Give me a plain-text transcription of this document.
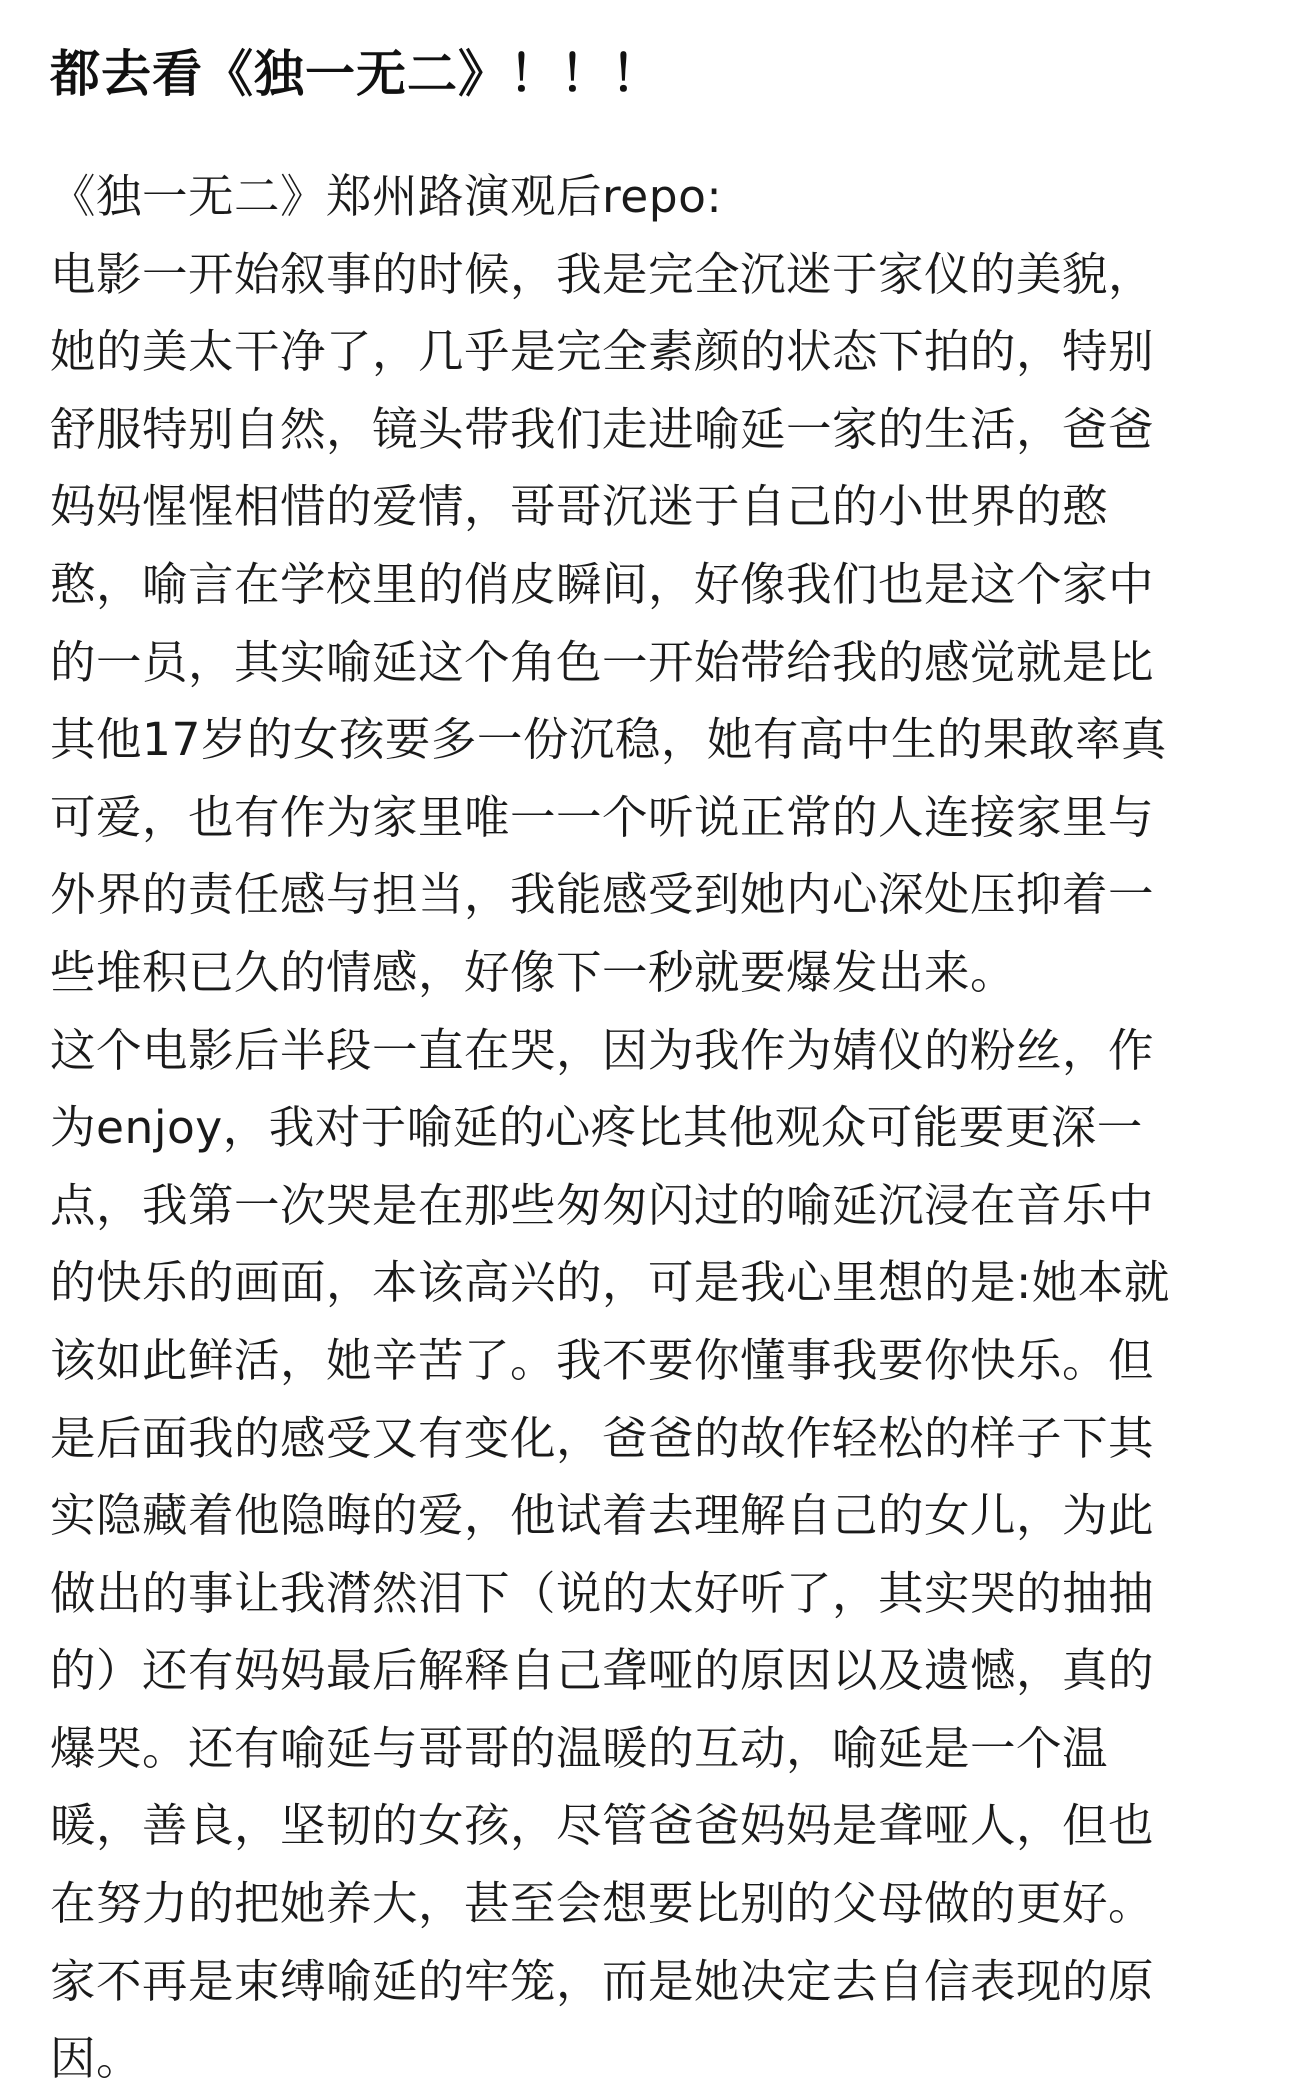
都去看《独一无二》！！！
《独一无二》郑州路演观后repo:
电影一开始叙事的时候，我是完全沉迷于家仪的美貌，
她的美太干净了，几乎是完全素颜的状态下拍的，特别
舒服特别自然，镜头带我们走进喻延一家的生活，爸爸
妈妈惺惺相惜的爱情，哥哥沉迷于自己的小世界的憨
憨，喻言在学校里的俏皮瞬间，好像我们也是这个家中
的一员，其实喻延这个角色一开始带给我的感觉就是比
其他17岁的女孩要多一份沉稳，她有高中生的果敢率真
可爱，也有作为家里唯一一个听说正常的人连接家里与
外界的责任感与担当，我能感受到她内心深处压抑着一
些堆积已久的情感，好像下一秒就要爆发出来。
这个电影后半段一直在哭，因为我作为婧仪的粉丝，作
为enjoy，我对于喻延的心疼比其他观众可能要更深一
点，我第一次哭是在那些匆匆闪过的喻延沉浸在音乐中
的快乐的画面，本该高兴的，可是我心里想的是:她本就
该如此鲜活，她辛苦了。我不要你懂事我要你快乐。但
是后面我的感受又有变化，爸爸的故作轻松的样子下其
实隐藏着他隐晦的爱，他试着去理解自己的女儿，为此
做出的事让我潸然泪下（说的太好听了，其实哭的抽抽
的）还有妈妈最后解释自己聋哑的原因以及遗憾，真的
爆哭。还有喻延与哥哥的温暖的互动，喻延是一个温
暖，善良，坚韧的女孩，尽管爸爸妈妈是聋哑人，但也
在努力的把她养大，甚至会想要比别的父母做的更好。
家不再是束缚喻延的牢笼，而是她决定去自信表现的原
因。
